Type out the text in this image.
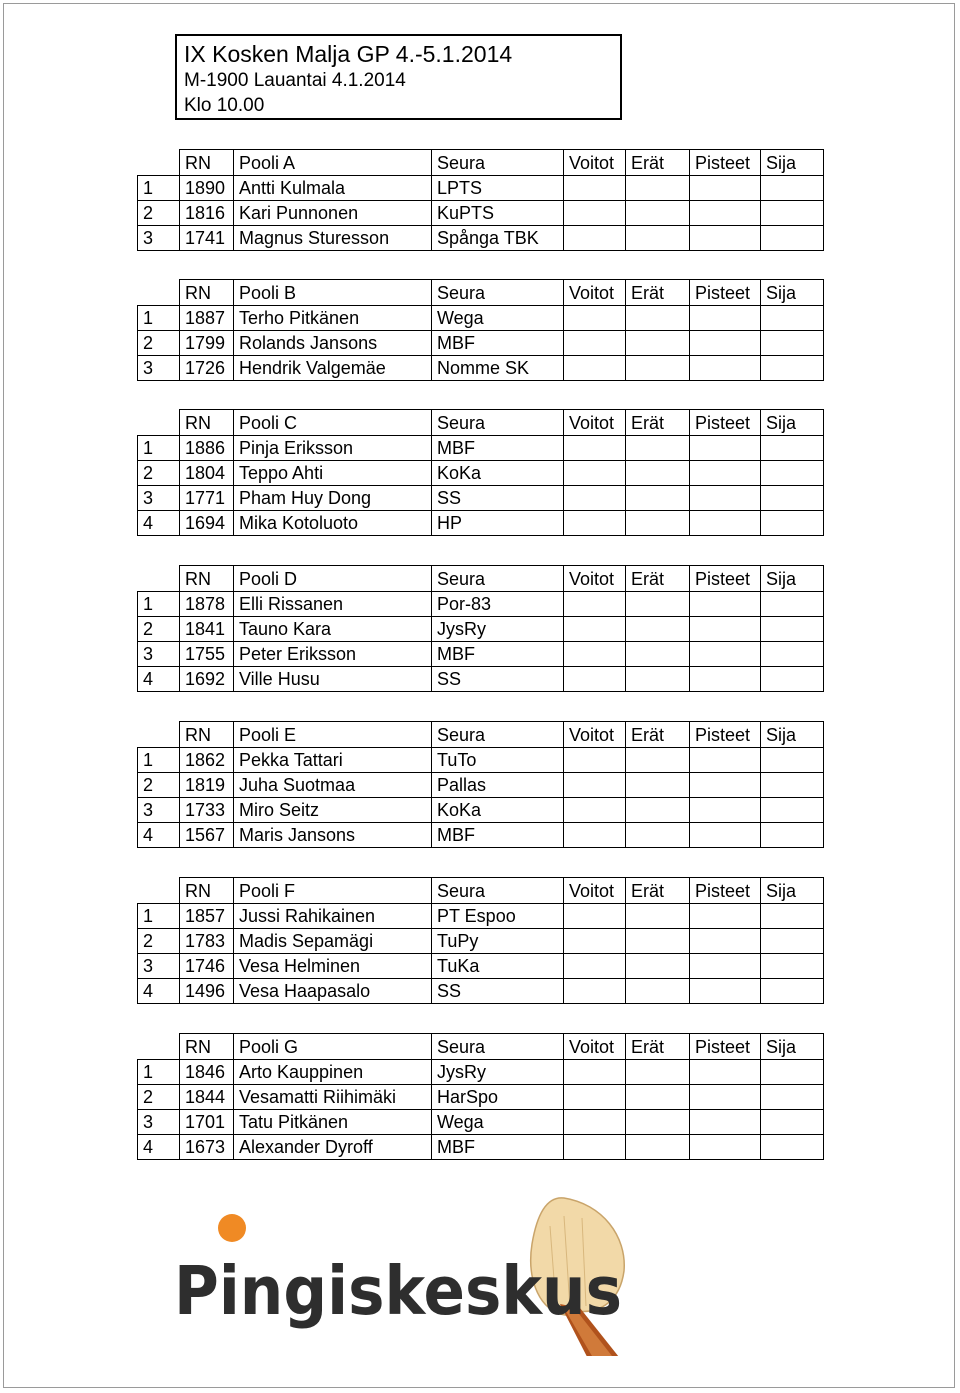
IX Kosken Malja GP 4.-5.1.2014
M-1900 Lauantai 4.1.2014
Klo 10.00
	RN	Pooli A	Seura	Voitot	Erät	Pisteet	Sija
1	1890	Antti Kulmala	LPTS				
2	1816	Kari Punnonen	KuPTS				
3	1741	Magnus Sturesson	Spånga TBK				
	RN	Pooli B	Seura	Voitot	Erät	Pisteet	Sija
1	1887	Terho Pitkänen	Wega				
2	1799	Rolands Jansons	MBF				
3	1726	Hendrik Valgemäe	Nomme SK				
	RN	Pooli C	Seura	Voitot	Erät	Pisteet	Sija
1	1886	Pinja Eriksson	MBF				
2	1804	Teppo Ahti	KoKa				
3	1771	Pham Huy Dong	SS				
4	1694	Mika Kotoluoto	HP				
	RN	Pooli D	Seura	Voitot	Erät	Pisteet	Sija
1	1878	Elli Rissanen	Por-83				
2	1841	Tauno Kara	JysRy				
3	1755	Peter Eriksson	MBF				
4	1692	Ville Husu	SS				
	RN	Pooli E	Seura	Voitot	Erät	Pisteet	Sija
1	1862	Pekka Tattari	TuTo				
2	1819	Juha Suotmaa	Pallas				
3	1733	Miro Seitz	KoKa				
4	1567	Maris Jansons	MBF				
	RN	Pooli F	Seura	Voitot	Erät	Pisteet	Sija
1	1857	Jussi Rahikainen	PT Espoo				
2	1783	Madis Sepamägi	TuPy				
3	1746	Vesa Helminen	TuKa				
4	1496	Vesa Haapasalo	SS				
	RN	Pooli G	Seura	Voitot	Erät	Pisteet	Sija
1	1846	Arto Kauppinen	JysRy				
2	1844	Vesamatti Riihimäki	HarSpo				
3	1701	Tatu Pitkänen	Wega				
4	1673	Alexander Dyroff	MBF				
Pingiskeskus
